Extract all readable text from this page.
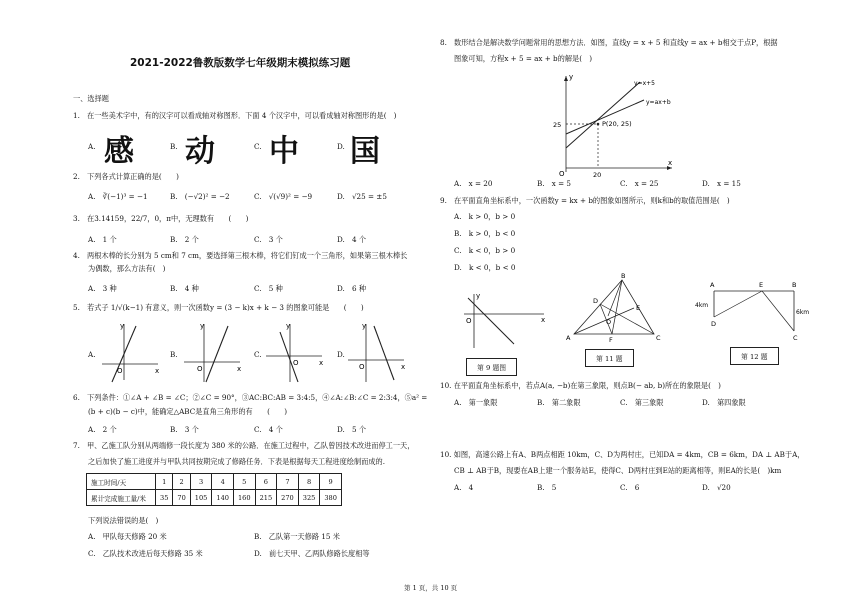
2021-2022鲁教版数学七年级期末模拟练习题
一、选择题
1.　在一些美术字中，有的汉字可以看成轴对称图形．下面 4 个汉字中，可以看成轴对称图形的是(　)
A. 感	B. 动	C. 中	D. 国
2.　下列各式计算正确的是(　　)
A.　∛(−1)³ = −1	B.　(−√2)² = −2	C.　√(√9)² = −9	D.　√25 = ±5
3.　在3.14159，22/7，0，π中，无理数有　　(　　)
A.　1 个	B.　2 个	C.　3 个	D.　4 个
4.　两根木棒的长分别为 5 cm和 7 cm，要选择第三根木棒，将它们钉成一个三角形，如果第三根木棒长
为偶数，那么方法有(　)
A.　3 种	B.　4 种	C.　5 种	D.　6 种
5.　若式子 1/√(k−1) 有意义，则一次函数y = (3 − k)x + k − 3 的图象可能是　　(　　)
A.	B.	C.	D.
y
x
O
y
x
O
y
x
O
y
x
O
6.　下列条件：①∠A + ∠B = ∠C；②∠C = 90°，③AC:BC:AB = 3:4:5，④∠A:∠B:∠C = 2:3:4，⑤a² =
(b + c)(b − c)中，能确定△ABC是直角三角形的有　　(　　)
A.　2 个	B.　3 个	C.　4 个	D.　5 个
7.　甲、乙施工队分别从两端修一段长度为 380 米的公路．在施工过程中，乙队曾因技术改进而停工一天，
之后加快了施工进度并与甲队共同按期完成了修路任务．下表是根据每天工程进度绘制而成的.
施工时间/天	1	2	3	4	5	6	7	8	9
累计完成施工量/米	35	70	105	140	160	215	270	325	380
下列说法错误的是(　)
A.　甲队每天修路 20 米	B.　乙队第一天修路 15 米
C.　乙队技术改进后每天修路 35 米	D.　前七天甲、乙两队修路长度相等
8.　数形结合是解决数学问题常用的思想方法．如图，直线y = x + 5 和直线y = ax + b相交于点P，根据
图象可知，方程x + 5 = ax + b的解是(　)
y
x
O
25
20
P(20, 25)
y=x+5
y=ax+b
A.　x = 20	B.　x = 5	C.　x = 25	D.　x = 15
9.　在平面直角坐标系中，一次函数y = kx + b的图象如图所示，则k和b的取值范围是(　)
A.　k > 0，b > 0
B.　k > 0，b < 0
C.　k < 0，b > 0
D.　k < 0，b < 0
y
x
O
第 9 题图
B
D
O
A	F
E
C
第 11 题
A	E	B
D
C
4km
6km
第 12 题
10. 在平面直角坐标系中，若点A(a, −b)在第三象限，则点B(− ab, b)所在的象限是(　)
A.　第一象限	B.　第二象限	C.　第三象限	D.　第四象限
10. 如图，高速公路上有A、B两点相距 10km，C、D为两村庄，已知DA = 4km，CB = 6km，DA ⊥ AB于A，
CB ⊥ AB于B，现要在AB上建一个服务站E，使得C、D两村庄到E站的距离相等，则EA的长是(　)km
A.　4	B.　5	C.　6	D.　√20
第 1 页，共 10 页
